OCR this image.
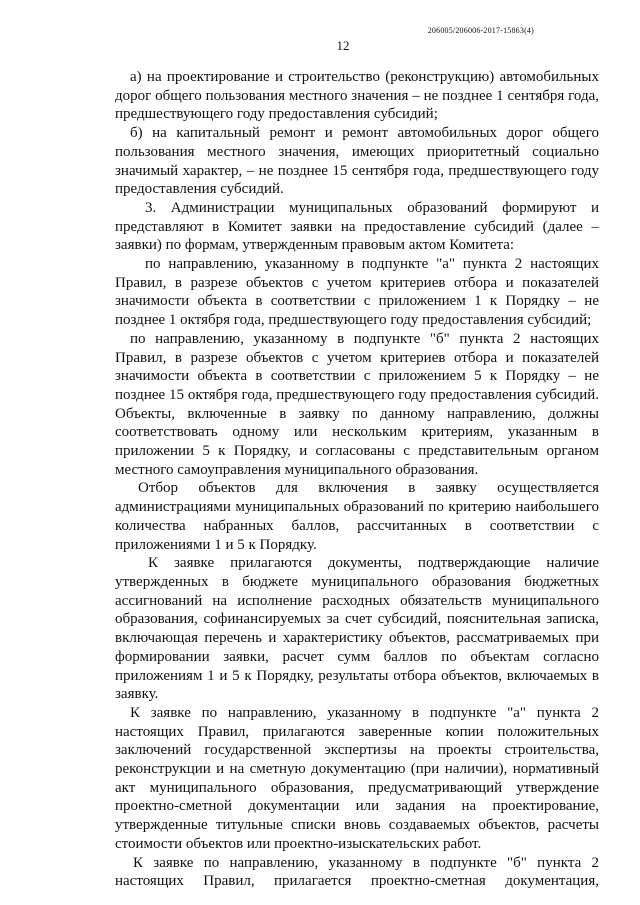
206005/206006-2017-15863(4)
12

а) на проектирование и строительство (реконструкцию) автомобильных дорог общего пользования местного значения – не позднее 1 сентября года, предшествующего году предоставления субсидий;

б) на капитальный ремонт и ремонт автомобильных дорог общего пользования местного значения, имеющих приоритетный социально значимый характер, – не позднее 15 сентября года, предшествующего году предоставления субсидий.

3. Администрации муниципальных образований формируют и представляют в Комитет заявки на предоставление субсидий (далее – заявки) по формам, утвержденным правовым актом Комитета:

по направлению, указанному в подпункте "а" пункта 2 настоящих Правил, в разрезе объектов с учетом критериев отбора и показателей значимости объекта в соответствии с приложением 1 к Порядку – не позднее 1 октября года, предшествующего году предоставления субсидий;

по направлению, указанному в подпункте "б" пункта 2 настоящих Правил, в разрезе объектов с учетом критериев отбора и показателей значимости объекта в соответствии с приложением 5 к Порядку – не позднее 15 октября года, предшествующего году предоставления субсидий. Объекты, включенные в заявку по данному направлению, должны соответствовать одному или нескольким критериям, указанным в приложении 5 к Порядку, и согласованы с представительным органом местного самоуправления муниципального образования.

Отбор объектов для включения в заявку осуществляется администрациями муниципальных образований по критерию наибольшего количества набранных баллов, рассчитанных в соответствии с приложениями 1 и 5 к Порядку.

К заявке прилагаются документы, подтверждающие наличие утвержденных в бюджете муниципального образования бюджетных ассигнований на исполнение расходных обязательств муниципального образования, софинансируемых за счет субсидий, пояснительная записка, включающая перечень и характеристику объектов, рассматриваемых при формировании заявки, расчет сумм баллов по объектам согласно приложениям 1 и 5 к Порядку, результаты отбора объектов, включаемых в заявку.

К заявке по направлению, указанному в подпункте "а" пункта 2 настоящих Правил, прилагаются заверенные копии положительных заключений государственной экспертизы на проекты строительства, реконструкции и на сметную документацию (при наличии), нормативный акт муниципального образования, предусматривающий утверждение проектно-сметной документации или задания на проектирование, утвержденные титульные списки вновь создаваемых объектов, расчеты стоимости объектов или проектно-изыскательских работ.

К заявке по направлению, указанному в подпункте "б" пункта 2 настоящих Правил, прилагается проектно-сметная документация,
